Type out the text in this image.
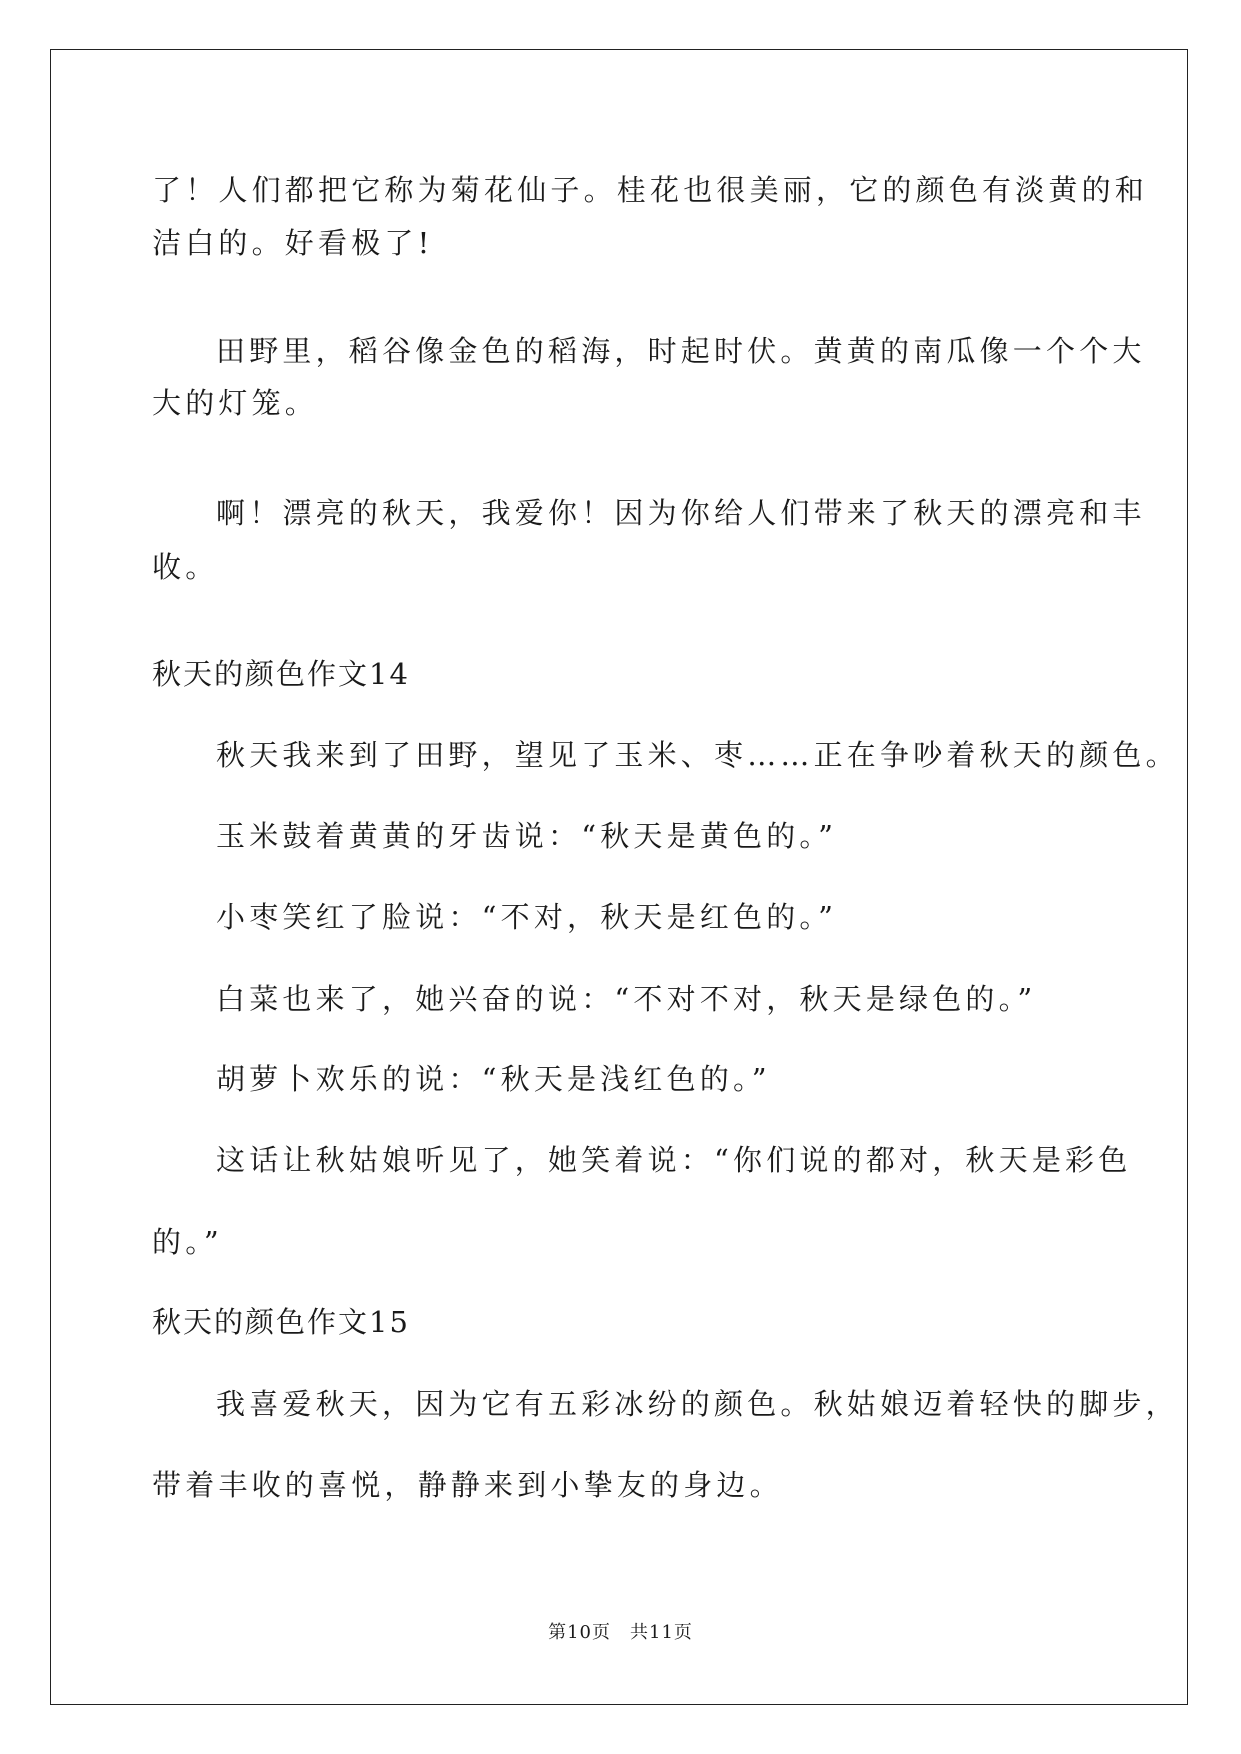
了！人们都把它称为菊花仙子。桂花也很美丽，它的颜色有淡黄的和
洁白的。好看极了!
田野里，稻谷像金色的稻海，时起时伏。黄黄的南瓜像一个个大
大的灯笼。
啊！漂亮的秋天，我爱你！因为你给人们带来了秋天的漂亮和丰
收。
秋天的颜色作文14
秋天我来到了田野，望见了玉米、枣……正在争吵着秋天的颜色。
玉米鼓着黄黄的牙齿说：“秋天是黄色的。”
小枣笑红了脸说：“不对，秋天是红色的。”
白菜也来了，她兴奋的说：“不对不对，秋天是绿色的。”
胡萝卜欢乐的说：“秋天是浅红色的。”
这话让秋姑娘听见了，她笑着说：“你们说的都对，秋天是彩色
的。”
秋天的颜色作文15
我喜爱秋天，因为它有五彩冰纷的颜色。秋姑娘迈着轻快的脚步，
带着丰收的喜悦，静静来到小挚友的身边。
第10页　共11页
